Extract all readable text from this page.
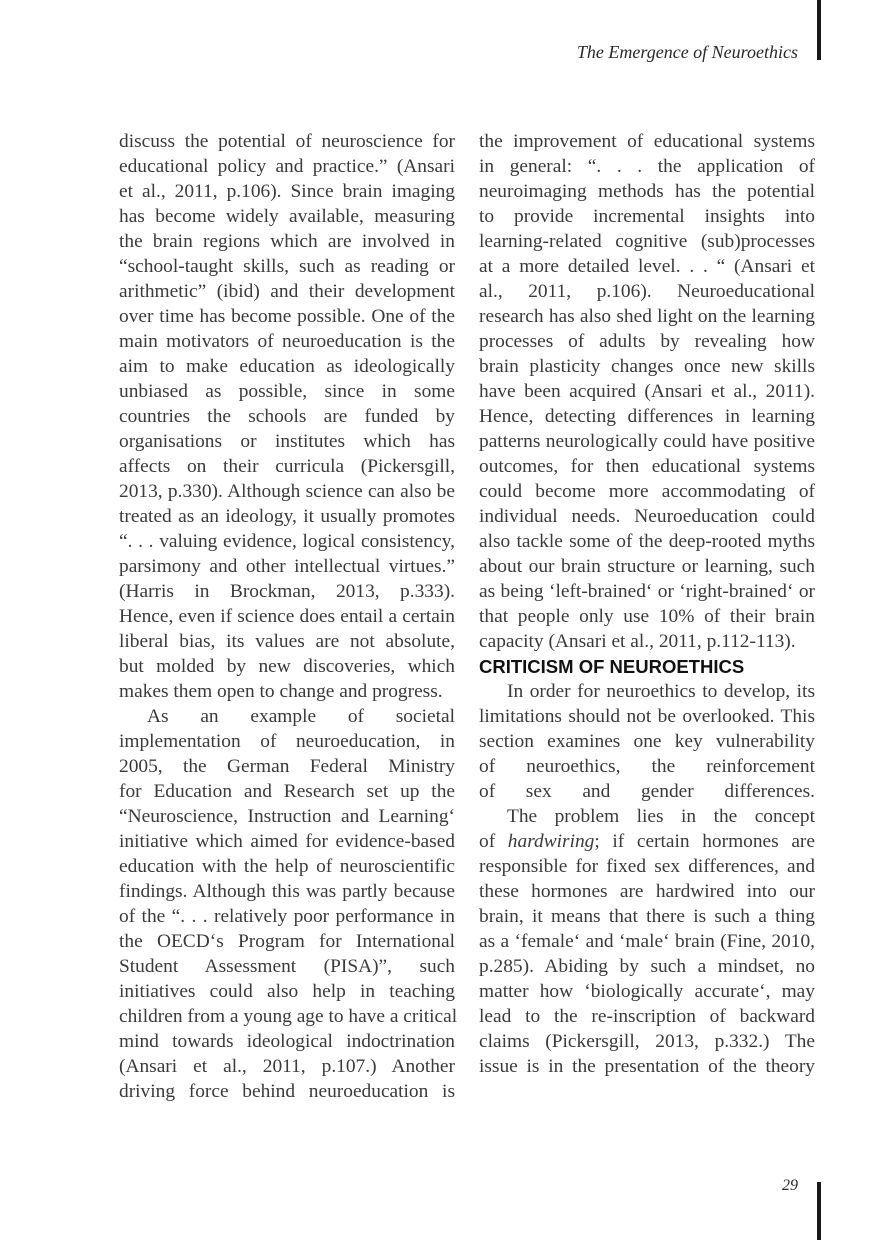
The Emergence of Neuroethics
discuss the potential of neuroscience for
educational policy and practice.” (Ansari
et al., 2011, p.106). Since brain imaging
has become widely available, measuring
the brain regions which are involved in
“school-taught skills, such as reading or
arithmetic” (ibid) and their development
over time has become possible. One of the
main motivators of neuroeducation is the
aim to make education as ideologically
unbiased as possible, since in some
countries the schools are funded by
organisations or institutes which has
affects on their curricula (Pickersgill,
2013, p.330). Although science can also be
treated as an ideology, it usually promotes
“. . . valuing evidence, logical consistency,
parsimony and other intellectual virtues.”
(Harris in Brockman, 2013, p.333).
Hence, even if science does entail a certain
liberal bias, its values are not absolute,
but molded by new discoveries, which
makes them open to change and progress.
As an example of societal
implementation of neuroeducation, in
2005, the German Federal Ministry
for Education and Research set up the
“Neuroscience, Instruction and Learning‘
initiative which aimed for evidence-based
education with the help of neuroscientific
findings. Although this was partly because
of the “. . . relatively poor performance in
the OECD‘s Program for International
Student Assessment (PISA)”, such
initiatives could also help in teaching
children from a young age to have a critical
mind towards ideological indoctrination
(Ansari et al., 2011, p.107.) Another
driving force behind neuroeducation is
the improvement of educational systems
in general: “. . . the application of
neuroimaging methods has the potential
to provide incremental insights into
learning-related cognitive (sub)processes
at a more detailed level. . . “ (Ansari et
al., 2011, p.106). Neuroeducational
research has also shed light on the learning
processes of adults by revealing how
brain plasticity changes once new skills
have been acquired (Ansari et al., 2011).
Hence, detecting differences in learning
patterns neurologically could have positive
outcomes, for then educational systems
could become more accommodating of
individual needs. Neuroeducation could
also tackle some of the deep-rooted myths
about our brain structure or learning, such
as being ‘left-brained‘ or ‘right-brained‘ or
that people only use 10% of their brain
capacity (Ansari et al., 2011, p.112-113).
CRITICISM OF NEUROETHICS
In order for neuroethics to develop, its
limitations should not be overlooked. This
section examines one key vulnerability
of neuroethics, the reinforcement
of sex and gender differences.
The problem lies in the concept
of hardwiring; if certain hormones are
responsible for fixed sex differences, and
these hormones are hardwired into our
brain, it means that there is such a thing
as a ‘female‘ and ‘male‘ brain (Fine, 2010,
p.285). Abiding by such a mindset, no
matter how ‘biologically accurate‘, may
lead to the re-inscription of backward
claims (Pickersgill, 2013, p.332.) The
issue is in the presentation of the theory
29
